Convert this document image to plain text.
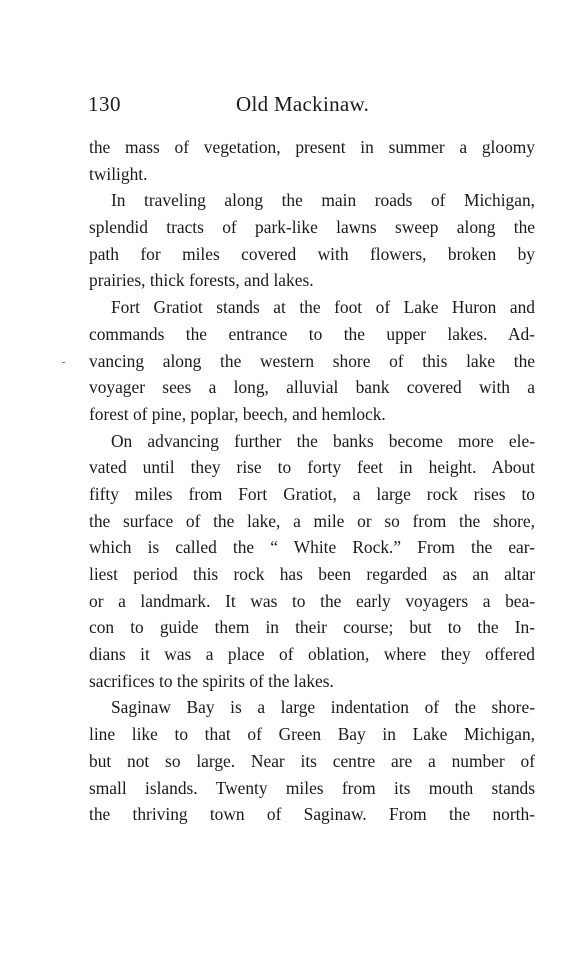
130	Old Mackinaw.
the mass of vegetation, present in summer a gloomy
twilight.
In traveling along the main roads of Michigan,
splendid tracts of park-like lawns sweep along the
path for miles covered with flowers, broken by
prairies, thick forests, and lakes.
Fort Gratiot stands at the foot of Lake Huron and
commands the entrance to the upper lakes. Ad-
vancing along the western shore of this lake the
voyager sees a long, alluvial bank covered with a
forest of pine, poplar, beech, and hemlock.
On advancing further the banks become more ele-
vated until they rise to forty feet in height. About
fifty miles from Fort Gratiot, a large rock rises to
the surface of the lake, a mile or so from the shore,
which is called the “ White Rock.” From the ear-
liest period this rock has been regarded as an altar
or a landmark. It was to the early voyagers a bea-
con to guide them in their course; but to the In-
dians it was a place of oblation, where they offered
sacrifices to the spirits of the lakes.
Saginaw Bay is a large indentation of the shore-
line like to that of Green Bay in Lake Michigan,
but not so large. Near its centre are a number of
small islands. Twenty miles from its mouth stands
the thriving town of Saginaw. From the north-
